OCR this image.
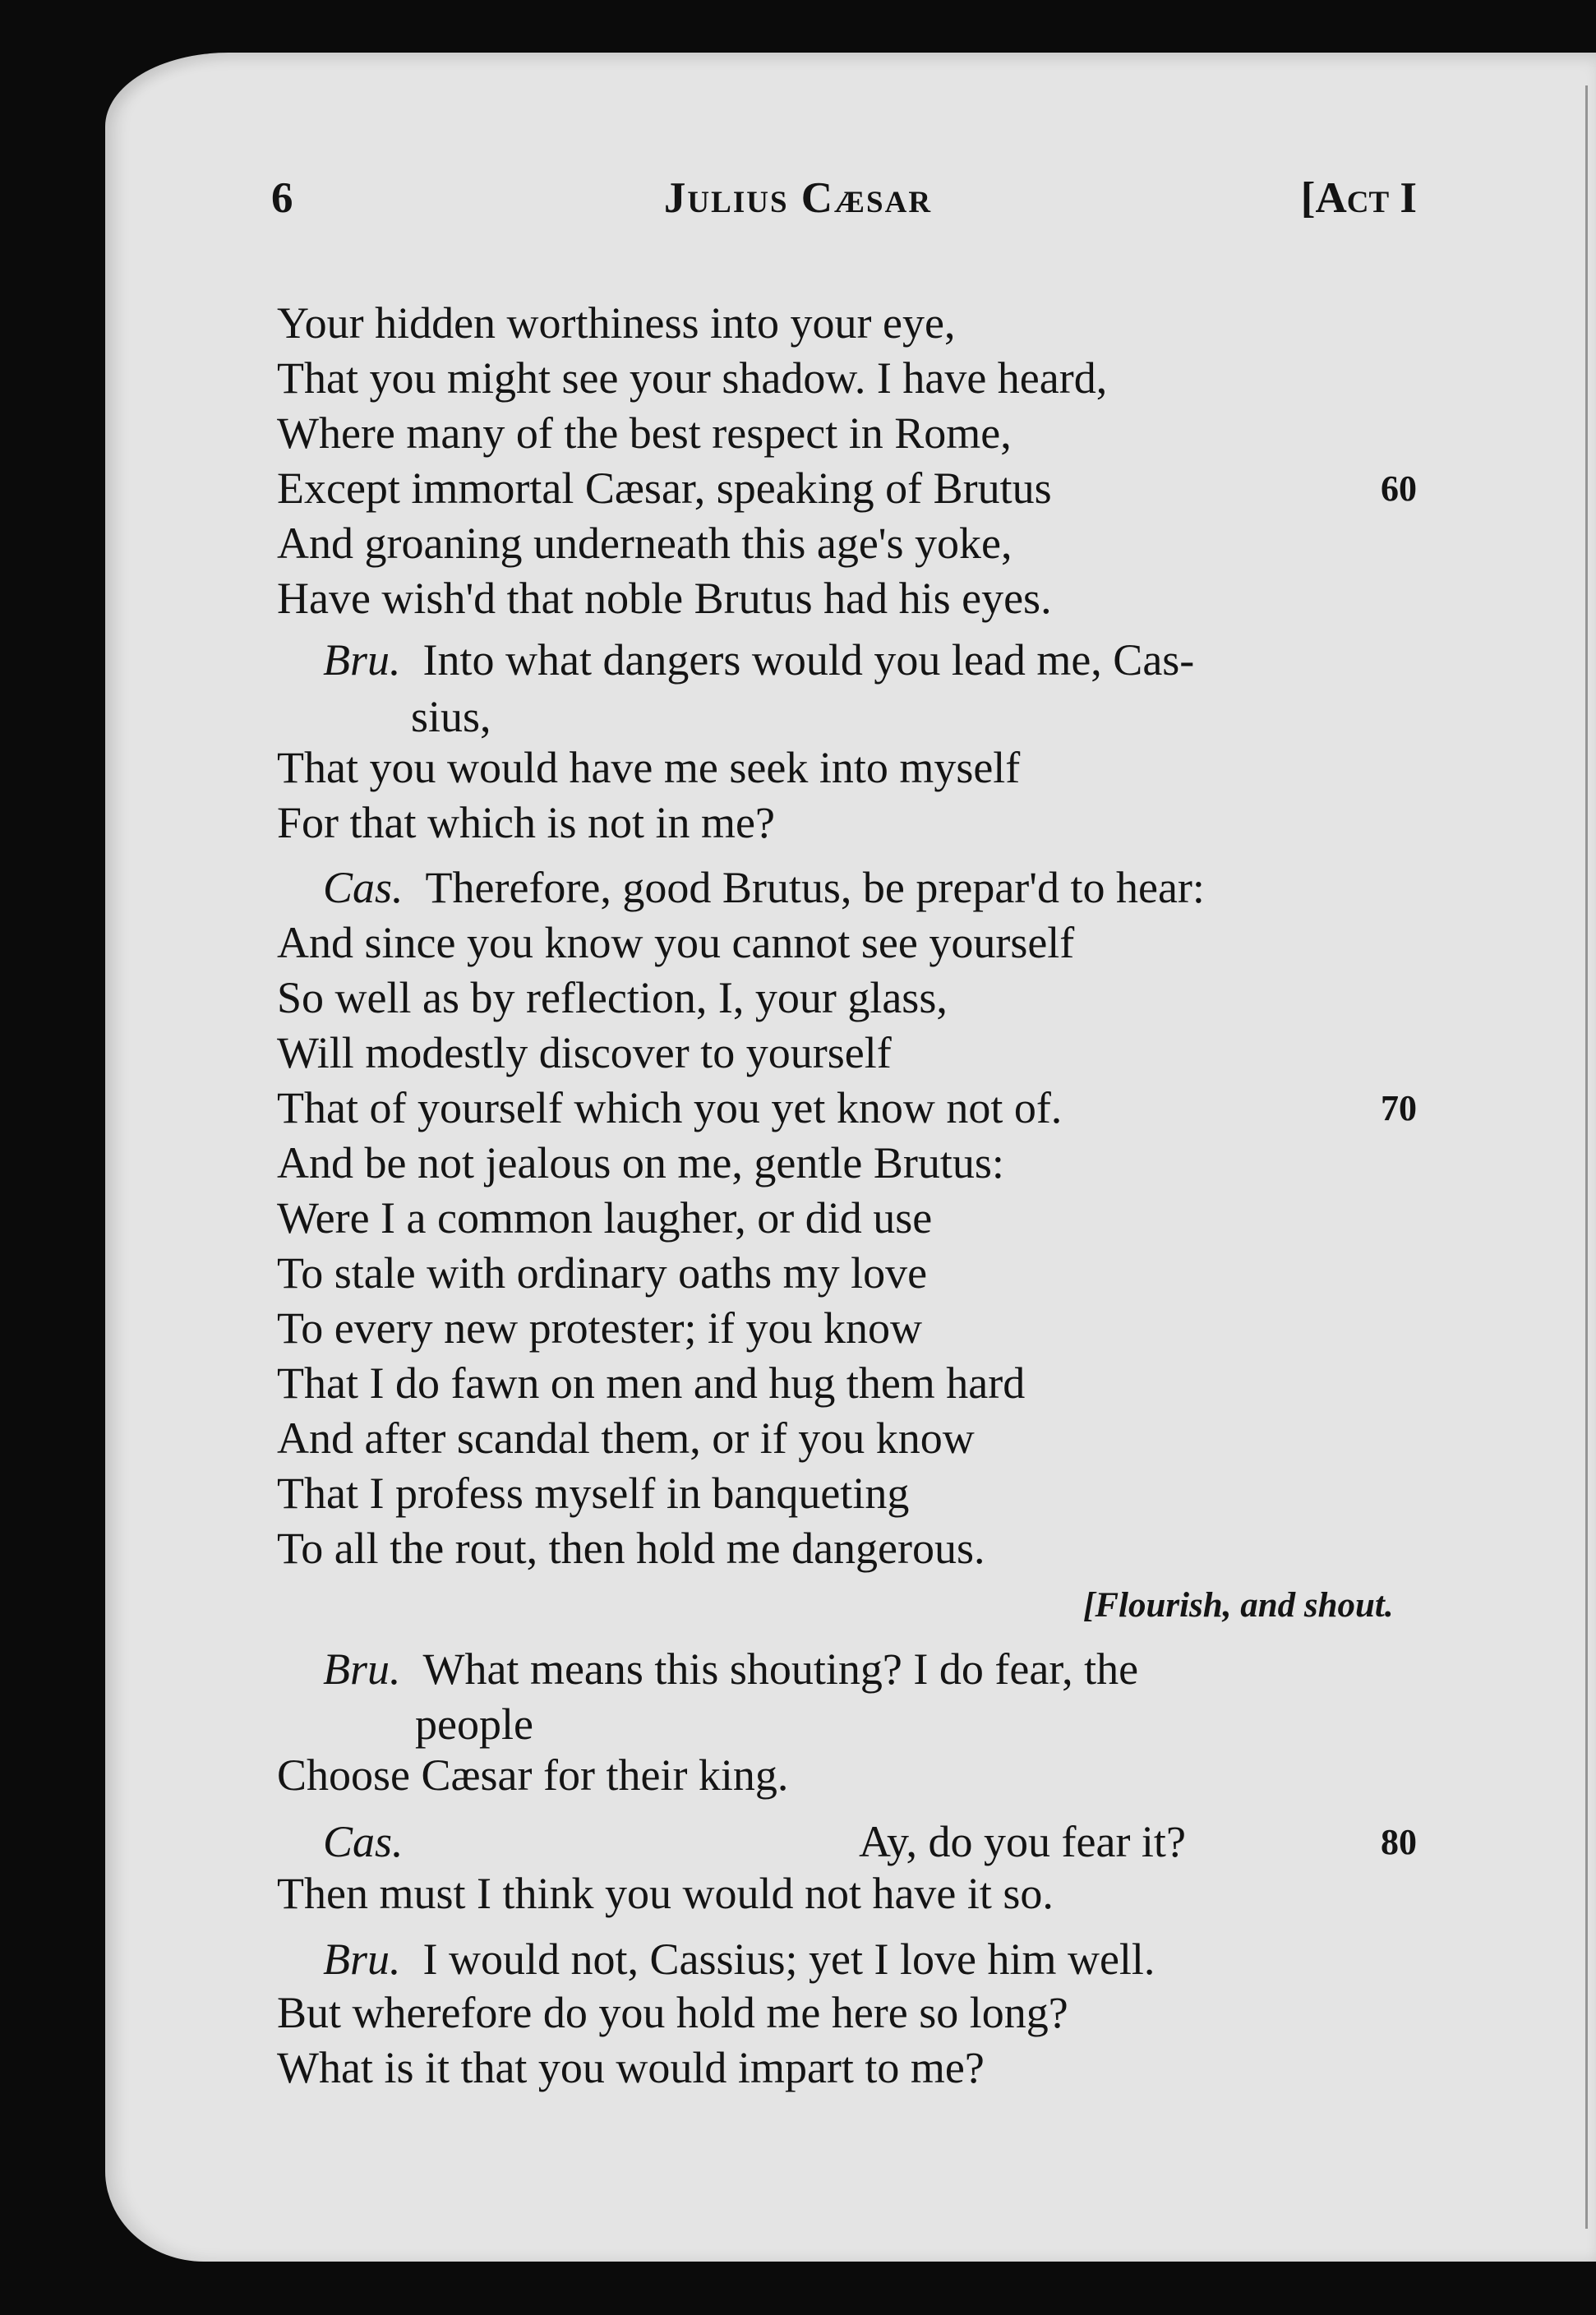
6	Julius Cæsar	[Act I
Your hidden worthiness into your eye,
That you might see your shadow. I have heard,
Where many of the best respect in Rome,
Except immortal Cæsar, speaking of Brutus	60
And groaning underneath this age's yoke,
Have wish'd that noble Brutus had his eyes.
Bru. Into what dangers would you lead me, Cas-
sius,
That you would have me seek into myself
For that which is not in me?
Cas. Therefore, good Brutus, be prepar'd to hear:
And since you know you cannot see yourself
So well as by reflection, I, your glass,
Will modestly discover to yourself
That of yourself which you yet know not of.	70
And be not jealous on me, gentle Brutus:
Were I a common laugher, or did use
To stale with ordinary oaths my love
To every new protester; if you know
That I do fawn on men and hug them hard
And after scandal them, or if you know
That I profess myself in banqueting
To all the rout, then hold me dangerous.
[Flourish, and shout.
Bru. What means this shouting? I do fear, the
people
Choose Cæsar for their king.
Cas.	Ay, do you fear it?	80
Then must I think you would not have it so.
Bru. I would not, Cassius; yet I love him well.
But wherefore do you hold me here so long?
What is it that you would impart to me?
